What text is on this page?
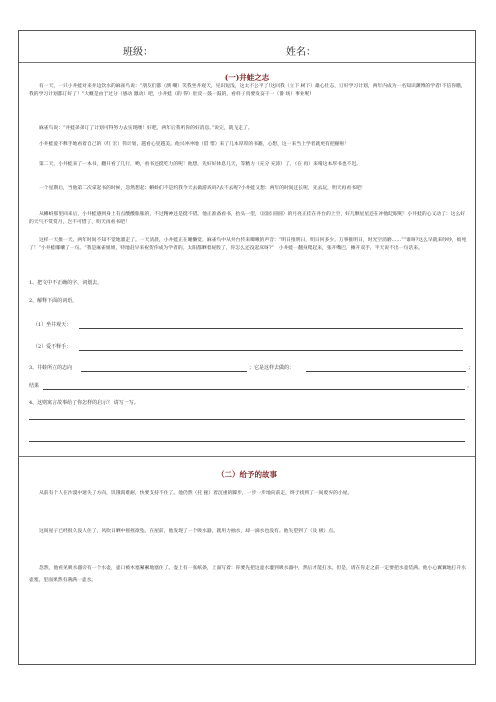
班级：	姓名：
(一)井蛙之志

有一天，一只小井蛙对来井边饮水的麻雀鸟说：“朋友们都（测 嘲）笑我坐井观天，见识短浅，这太不公平了!这回我（立下 树下）雄心壮志，订好学习计划，两年内成为一名知识渊博的学者!不信你瞧，我的学习计划都订好了！”大概是由于过分（感动 激动）吧，小井蛙（的 得）肚皮一鼓一鼓的，看样子真要发奋干一（番 场）事业呢!

麻雀鸟说：“井蛙弟弟订了计划可得努力去实现噢！好吧，两年后我听你的好消息。”说完，就飞走了。

小井蛙爱不释手地看着自己的（红 宏）伟计划，越看心里越美。他兴冲冲地（借 惜）来了几本厚厚的书籍，心想，这一来当上学者就更有把握啦！

第二天，小井蛙来了一本书，翻开看了几行，哟，看书还挺吃力的呢！他想，先好好休息几天，等精力（充分 充沛）了，（在 再）来啃这本厚书也不迟。

一个星期后，当他第二次拿起书的时候，忽然想起：蝌蚪们不是约我今天去做游戏吗?去不去呢?小井蛙又想：两年的时间还长呢，先去玩，明天再看书吧！

从蝌蚪那里回来后，小井蛙感到身上有点酸酸胀胀的，不过精神还是挺不错。他正准备看书，抬头一望，（园园 圆圆）的月亮正挂在井台的上空，好几颗星星还在冲他眨眼呢！小井蛙的心又动了：这么好的天气不赏赏月，岂不可惜了，明天再看书吧！

这样一天推一天，两年时间不知不觉地溜走了。一天清晨，小井蛙正在睡懒觉，麻雀鸟中从井台传来唧啾的声音：“明日推明日，明日何多少。万事推明日，时光空消磨……”“谁呀?这么早就来吵吵，烦死了！”小井蛙嘟囔了一句。“我是麻雀姐姐，特地赶早来祝贺你成为学者的。太阳都晒着屁股了，你怎么还没起床呀?”　小井蛙一翻身爬起来，张开嘴巴，摊开双手，半天说不出一句话来。

1、把文中不正确的字、词划去。
2、解释下面的词语。
（1）坐井观天：
（2）爱不释手：
3、井蛙所立的志向	；它是这样去做的：	；
结果	。
4、这则寓言故事给了你怎样的启示？ 请写一写。
（二）给予的故事

从前有个人在沙漠中迷失了方向，饥饿渴难耐，快要支持不住了。他仍然（托 拖）着沉重的脚步，一步一步地向前走，终于找到了一间废弃的小屋。

这间屋子已经很久没人住了，风吹日晒中摇摇欲坠。在屋前，他发现了一个吸水器，就用力抽水，却一滴水也没有。他失望到了（及 极）点。

忽然，他看见吸水器旁有一个水壶，壶口被木塞紧紧地塞住了。壶上有一张纸条，上面写着：你要先把这壶水灌到吸水器中，然后才能打水。但是，请在你走之前一定要把水壶装满。他小心翼翼地打开水壶塞，里面果然有满满一壶水。
